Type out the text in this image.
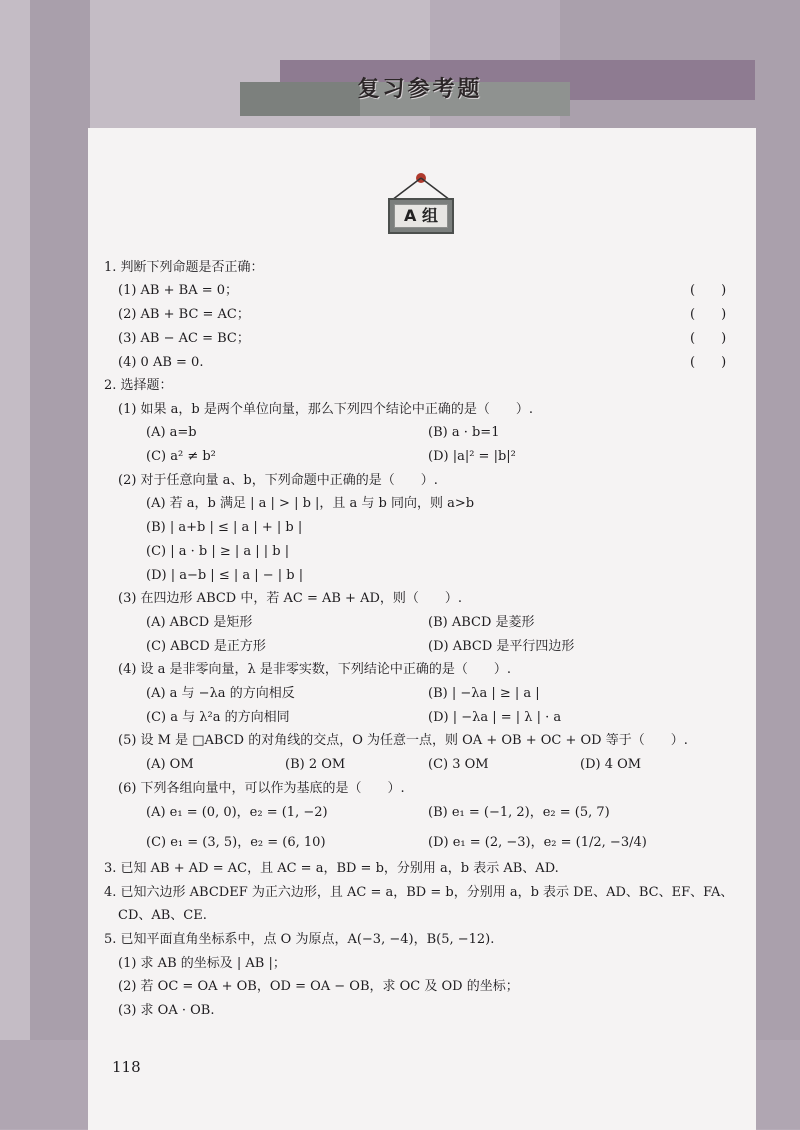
复习参考题
A 组
1. 判断下列命题是否正确：
(1) AB + BA = 0；	(　　)
(2) AB + BC = AC；	(　　)
(3) AB − AC = BC；	(　　)
(4) 0 AB = 0.	(　　)
2. 选择题：
(1) 如果 a，b 是两个单位向量，那么下列四个结论中正确的是（　　）.
(A) a=b	(B) a · b=1
(C) a² ≠ b²	(D) |a|² = |b|²
(2) 对于任意向量 a、b，下列命题中正确的是（　　）.
(A) 若 a，b 满足 | a | > | b |，且 a 与 b 同向，则 a>b
(B) | a+b | ≤ | a | + | b |
(C) | a · b | ≥ | a | | b |
(D) | a−b | ≤ | a | − | b |
(3) 在四边形 ABCD 中，若 AC = AB + AD，则（　　）.
(A) ABCD 是矩形	(B) ABCD 是菱形
(C) ABCD 是正方形	(D) ABCD 是平行四边形
(4) 设 a 是非零向量，λ 是非零实数，下列结论中正确的是（　　）.
(A) a 与 −λa 的方向相反	(B) | −λa | ≥ | a |
(C) a 与 λ²a 的方向相同	(D) | −λa | = | λ | · a
(5) 设 M 是 □ABCD 的对角线的交点，O 为任意一点，则 OA + OB + OC + OD 等于（　　）.
(A) OM	(B) 2 OM	(C) 3 OM	(D) 4 OM
(6) 下列各组向量中，可以作为基底的是（　　）.
(A) e₁ = (0, 0)，e₂ = (1, −2)	(B) e₁ = (−1, 2)，e₂ = (5, 7)
(C) e₁ = (3, 5)，e₂ = (6, 10)	(D) e₁ = (2, −3)，e₂ = (1/2, −3/4)
3. 已知 AB + AD = AC，且 AC = a，BD = b，分别用 a，b 表示 AB、AD.
4. 已知六边形 ABCDEF 为正六边形，且 AC = a，BD = b，分别用 a，b 表示 DE、AD、BC、EF、FA、
CD、AB、CE.
5. 已知平面直角坐标系中，点 O 为原点，A(−3, −4)，B(5, −12).
(1) 求 AB 的坐标及 | AB |；
(2) 若 OC = OA + OB，OD = OA − OB，求 OC 及 OD 的坐标；
(3) 求 OA · OB.
118
